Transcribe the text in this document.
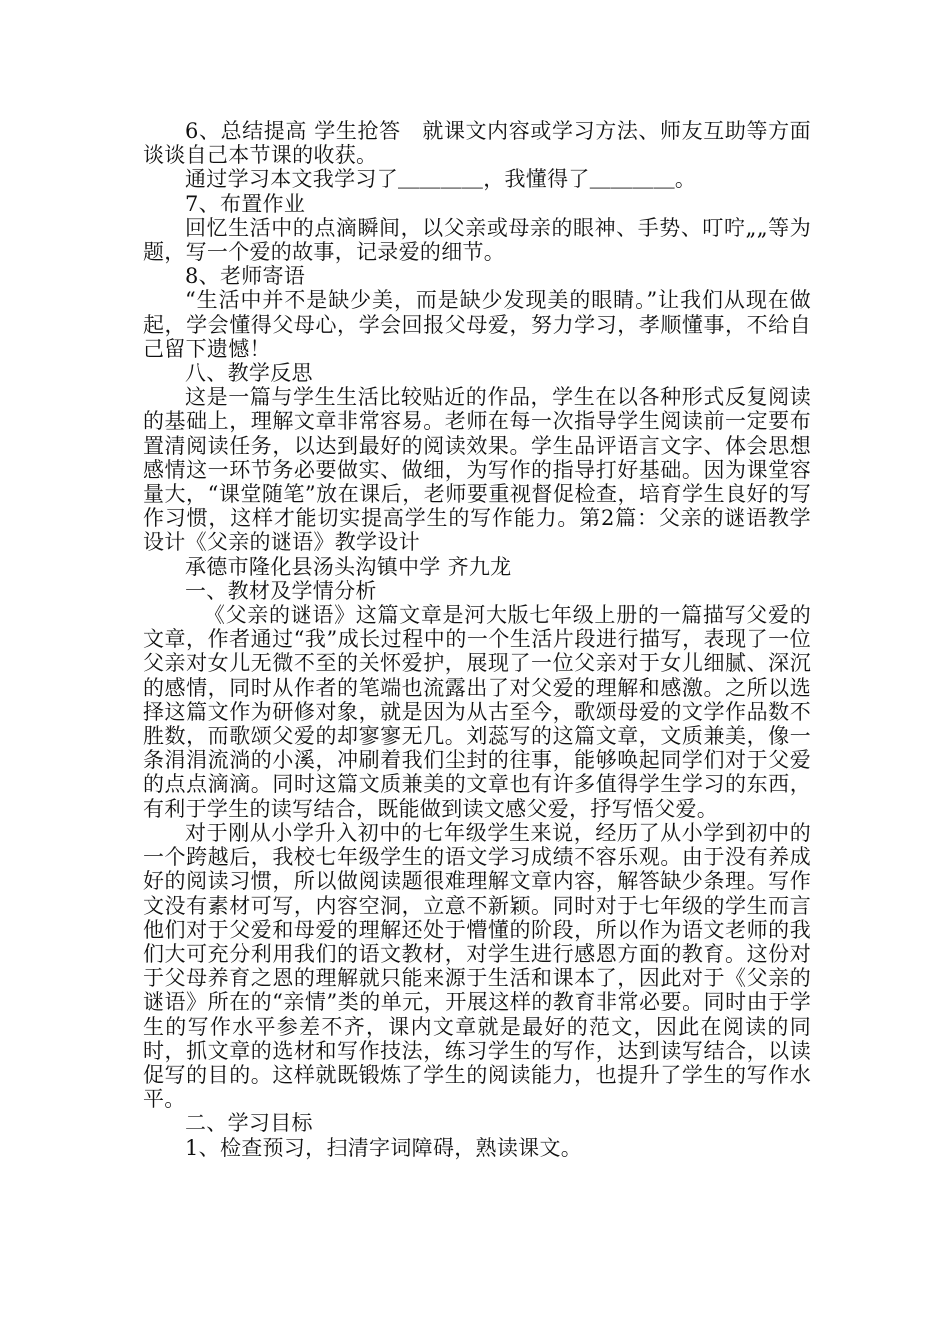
6、总结提高 学生抢答　就课文内容或学习方法、师友互助等方面谈谈自己本节课的收获。

通过学习本文我学习了＿＿＿＿，我懂得了＿＿＿＿。

7、布置作业

回忆生活中的点滴瞬间，以父亲或母亲的眼神、手势、叮咛„„等为题，写一个爱的故事，记录爱的细节。

8、老师寄语

“生活中并不是缺少美，而是缺少发现美的眼睛。”让我们从现在做起，学会懂得父母心，学会回报父母爱，努力学习，孝顺懂事，不给自己留下遗憾！

八、教学反思

这是一篇与学生生活比较贴近的作品，学生在以各种形式反复阅读的基础上，理解文章非常容易。老师在每一次指导学生阅读前一定要布置清阅读任务，以达到最好的阅读效果。学生品评语言文字、体会思想感情这一环节务必要做实、做细，为写作的指导打好基础。因为课堂容量大，“课堂随笔”放在课后，老师要重视督促检查，培育学生良好的写作习惯，这样才能切实提高学生的写作能力。第2篇：父亲的谜语教学设计《父亲的谜语》教学设计

承德市隆化县汤头沟镇中学 齐九龙

一、教材及学情分析

《父亲的谜语》这篇文章是河大版七年级上册的一篇描写父爱的文章，作者通过“我”成长过程中的一个生活片段进行描写，表现了一位父亲对女儿无微不至的关怀爱护，展现了一位父亲对于女儿细腻、深沉的感情，同时从作者的笔端也流露出了对父爱的理解和感激。之所以选择这篇文作为研修对象，就是因为从古至今，歌颂母爱的文学作品数不胜数，而歌颂父爱的却寥寥无几。刘蕊写的这篇文章，文质兼美，像一条涓涓流淌的小溪，冲刷着我们尘封的往事，能够唤起同学们对于父爱的点点滴滴。同时这篇文质兼美的文章也有许多值得学生学习的东西，有利于学生的读写结合，既能做到读文感父爱，抒写悟父爱。

对于刚从小学升入初中的七年级学生来说，经历了从小学到初中的一个跨越后，我校七年级学生的语文学习成绩不容乐观。由于没有养成好的阅读习惯，所以做阅读题很难理解文章内容，解答缺少条理。写作文没有素材可写，内容空洞，立意不新颖。同时对于七年级的学生而言他们对于父爱和母爱的理解还处于懵懂的阶段，所以作为语文老师的我们大可充分利用我们的语文教材，对学生进行感恩方面的教育。这份对于父母养育之恩的理解就只能来源于生活和课本了，因此对于《父亲的谜语》所在的“亲情”类的单元，开展这样的教育非常必要。同时由于学生的写作水平参差不齐，课内文章就是最好的范文，因此在阅读的同时，抓文章的选材和写作技法，练习学生的写作，达到读写结合，以读促写的目的。这样就既锻炼了学生的阅读能力，也提升了学生的写作水平。

二、学习目标

1、检查预习，扫清字词障碍，熟读课文。
